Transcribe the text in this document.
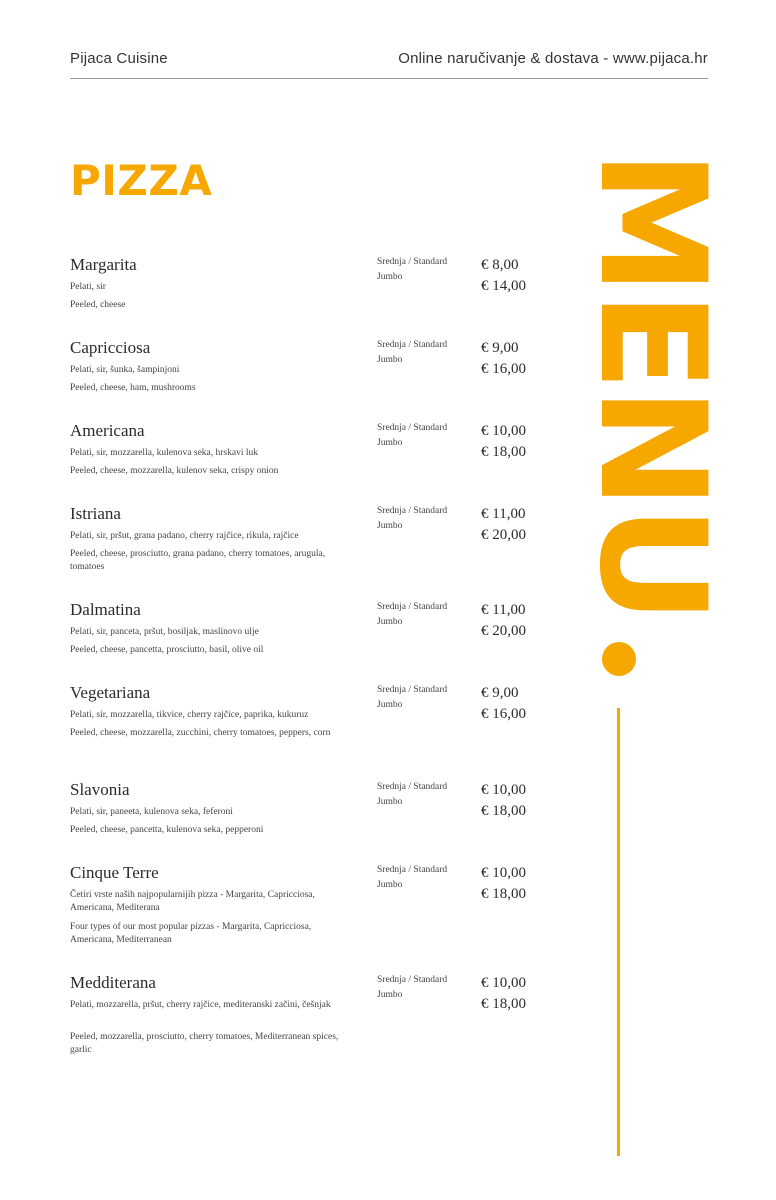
Pijaca Cuisine	Online naručivanje & dostava - www.pijaca.hr
PIZZA MENU
Margarita
Pelati, sir
Peeled, cheese
Srednja / Standard
Jumbo
€ 8,00
€ 14,00
Capricciosa
Pelati, sir, šunka, šampinjoni
Peeled, cheese, ham, mushrooms
Srednja / Standard
Jumbo
€ 9,00
€ 16,00
Americana
Pelati, sir, mozzarella, kulenova seka, hrskavi luk
Peeled, cheese, mozzarella, kulenov seka, crispy onion
Srednja / Standard
Jumbo
€ 10,00
€ 18,00
Istriana
Pelati, sir, pršut, grana padano, cherry rajčice, rikula, rajčice
Peeled, cheese, prosciutto, grana padano, cherry tomatoes, arugula, tomatoes
Srednja / Standard
Jumbo
€ 11,00
€ 20,00
Dalmatina
Pelati, sir, panceta, pršut, bosiljak, maslinovo ulje
Peeled, cheese, pancetta, prosciutto, basil, olive oil
Srednja / Standard
Jumbo
€ 11,00
€ 20,00
Vegetariana
Pelati, sir, mozzarella, tikvice, cherry rajčice, paprika, kukuruz
Peeled, cheese, mozzarella, zucchini, cherry tomatoes, peppers, corn
Srednja / Standard
Jumbo
€ 9,00
€ 16,00
Slavonia
Pelati, sir, paneeta, kulenova seka, feferoni
Peeled, cheese, pancetta, kulenova seka, pepperoni
Srednja / Standard
Jumbo
€ 10,00
€ 18,00
Cinque Terre
Četiri vrste naših najpopularnijih pizza - Margarita, Capricciosa, Americana, Mediterana
Four types of our most popular pizzas - Margarita, Capricciosa, Americana, Mediterranean
Srednja / Standard
Jumbo
€ 10,00
€ 18,00
Medditerana
Pelati, mozzarella, pršut, cherry rajčice, mediteranski začini, češnjak
Peeled, mozzarella, prosciutto, cherry tomatoes, Mediterranean spices, garlic
Srednja / Standard
Jumbo
€ 10,00
€ 18,00
